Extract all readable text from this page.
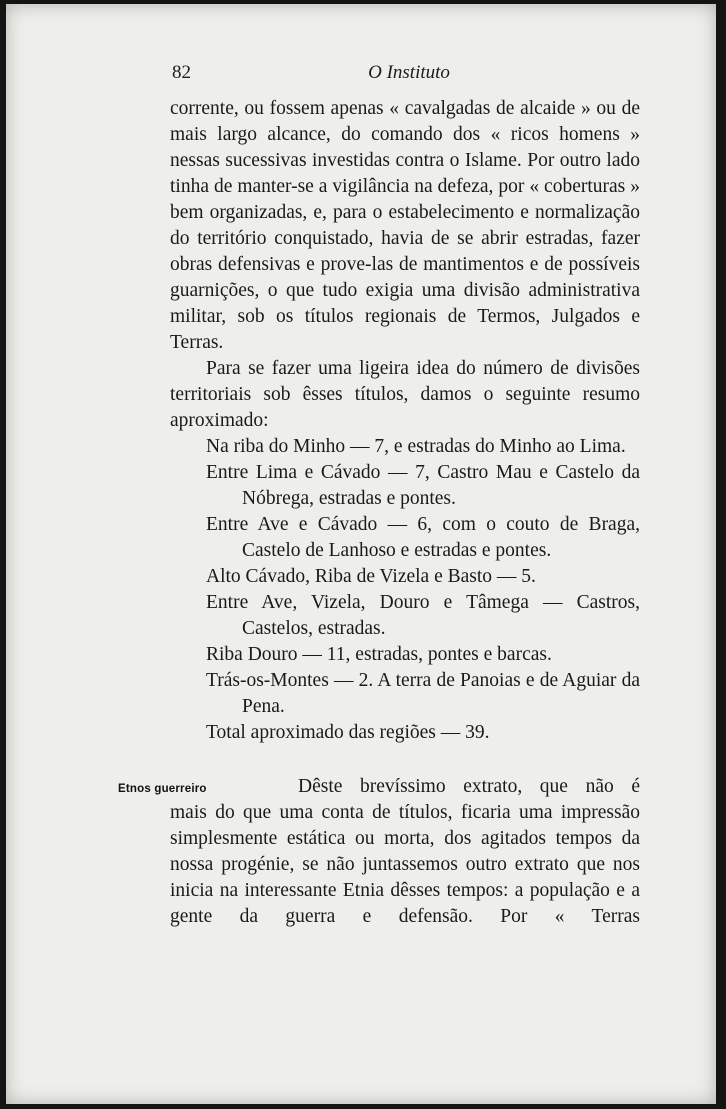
82	O Instituto

corrente, ou fossem apenas « cavalgadas de alcaide » ou de mais largo alcance, do comando dos « ricos homens » nessas sucessivas investidas contra o Islame. Por outro lado tinha de manter-se a vigilância na defeza, por « coberturas » bem organizadas, e, para o estabelecimento e normalização do território conquistado, havia de se abrir estradas, fazer obras defensivas e prove-las de mantimentos e de possíveis guarnições, o que tudo exigia uma divisão administrativa militar, sob os títulos regionais de Termos, Julgados e Terras.

Para se fazer uma ligeira idea do número de divisões territoriais sob êsses títulos, damos o seguinte resumo aproximado:

Na riba do Minho — 7, e estradas do Minho ao Lima.
Entre Lima e Cávado — 7, Castro Mau e Castelo da Nóbrega, estradas e pontes.
Entre Ave e Cávado — 6, com o couto de Braga, Castelo de Lanhoso e estradas e pontes.
Alto Cávado, Riba de Vizela e Basto — 5.
Entre Ave, Vizela, Douro e Tâmega — Castros, Castelos, estradas.
Riba Douro — 11, estradas, pontes e barcas.
Trás-os-Montes — 2. A terra de Panoias e de Aguiar da Pena.
Total aproximado das regiões — 39.
Etnos guerreiro	Dêste brevíssimo extrato, que não é
mais do que uma conta de títulos, ficaria uma impressão simplesmente estática ou morta, dos agitados tempos da nossa progénie, se não juntassemos outro extrato que nos inicia na interessante Etnia dêsses tempos: a população e a gente da guerra e defensão. Por « Terras
